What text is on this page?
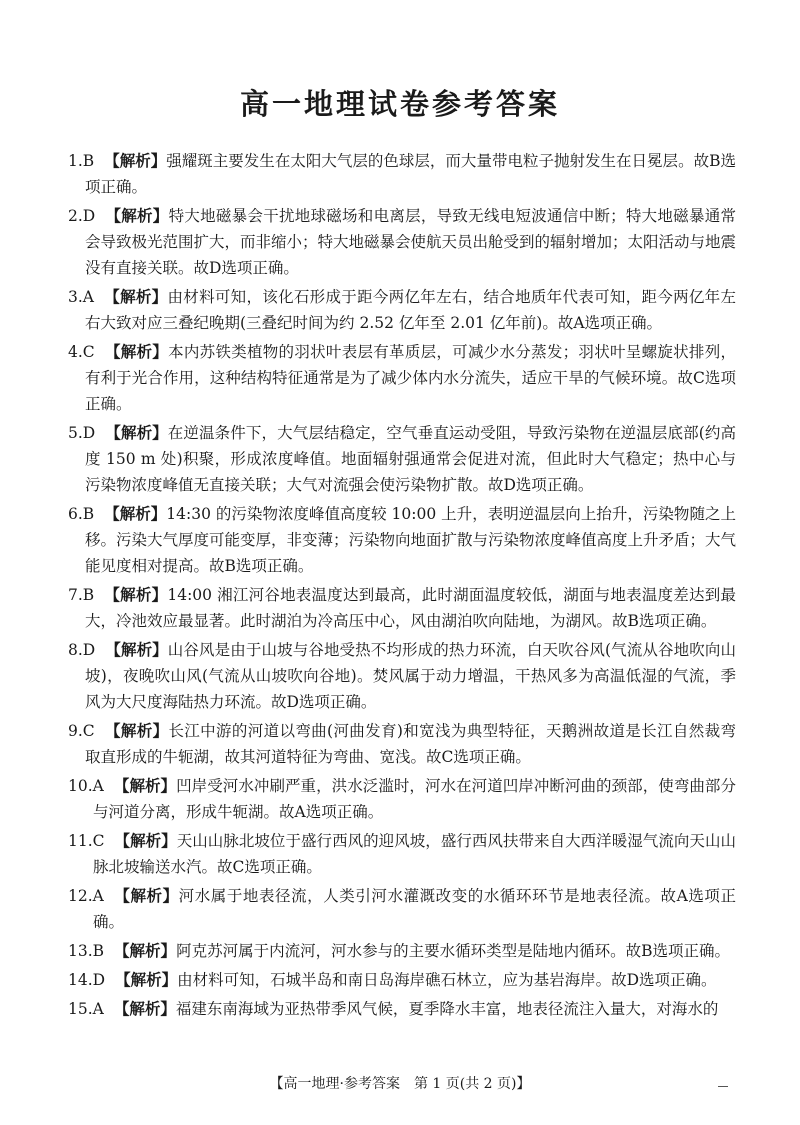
高一地理试卷参考答案

1.B 【解析】强耀斑主要发生在太阳大气层的色球层，而大量带电粒子抛射发生在日冕层。故B选项正确。

2.D 【解析】特大地磁暴会干扰地球磁场和电离层，导致无线电短波通信中断；特大地磁暴通常会导致极光范围扩大，而非缩小；特大地磁暴会使航天员出舱受到的辐射增加；太阳活动与地震没有直接关联。故D选项正确。

3.A 【解析】由材料可知，该化石形成于距今两亿年左右，结合地质年代表可知，距今两亿年左右大致对应三叠纪晚期(三叠纪时间为约 2.52 亿年至 2.01 亿年前)。故A选项正确。

4.C 【解析】本内苏铁类植物的羽状叶表层有革质层，可减少水分蒸发；羽状叶呈螺旋状排列，有利于光合作用，这种结构特征通常是为了减少体内水分流失，适应干旱的气候环境。故C选项正确。

5.D 【解析】在逆温条件下，大气层结稳定，空气垂直运动受阻，导致污染物在逆温层底部(约高度 150 m 处)积聚，形成浓度峰值。地面辐射强通常会促进对流，但此时大气稳定；热中心与污染物浓度峰值无直接关联；大气对流强会使污染物扩散。故D选项正确。

6.B 【解析】14:30 的污染物浓度峰值高度较 10:00 上升，表明逆温层向上抬升，污染物随之上移。污染大气厚度可能变厚，非变薄；污染物向地面扩散与污染物浓度峰值高度上升矛盾；大气能见度相对提高。故B选项正确。

7.B 【解析】14:00 湘江河谷地表温度达到最高，此时湖面温度较低，湖面与地表温度差达到最大，冷池效应最显著。此时湖泊为冷高压中心，风由湖泊吹向陆地，为湖风。故B选项正确。

8.D 【解析】山谷风是由于山坡与谷地受热不均形成的热力环流，白天吹谷风(气流从谷地吹向山坡)，夜晚吹山风(气流从山坡吹向谷地)。焚风属于动力增温，干热风多为高温低湿的气流，季风为大尺度海陆热力环流。故D选项正确。

9.C 【解析】长江中游的河道以弯曲(河曲发育)和宽浅为典型特征，天鹅洲故道是长江自然裁弯取直形成的牛轭湖，故其河道特征为弯曲、宽浅。故C选项正确。

10.A 【解析】凹岸受河水冲刷严重，洪水泛滥时，河水在河道凹岸冲断河曲的颈部，使弯曲部分与河道分离，形成牛轭湖。故A选项正确。

11.C 【解析】天山山脉北坡位于盛行西风的迎风坡，盛行西风扶带来自大西洋暖湿气流向天山山脉北坡输送水汽。故C选项正确。

12.A 【解析】河水属于地表径流，人类引河水灌溉改变的水循环环节是地表径流。故A选项正确。

13.B 【解析】阿克苏河属于内流河，河水参与的主要水循环类型是陆地内循环。故B选项正确。

14.D 【解析】由材料可知，石城半岛和南日岛海岸礁石林立，应为基岩海岸。故D选项正确。

15.A 【解析】福建东南海域为亚热带季风气候，夏季降水丰富，地表径流注入量大，对海水的

【高一地理·参考答案　第 1 页(共 2 页)】
